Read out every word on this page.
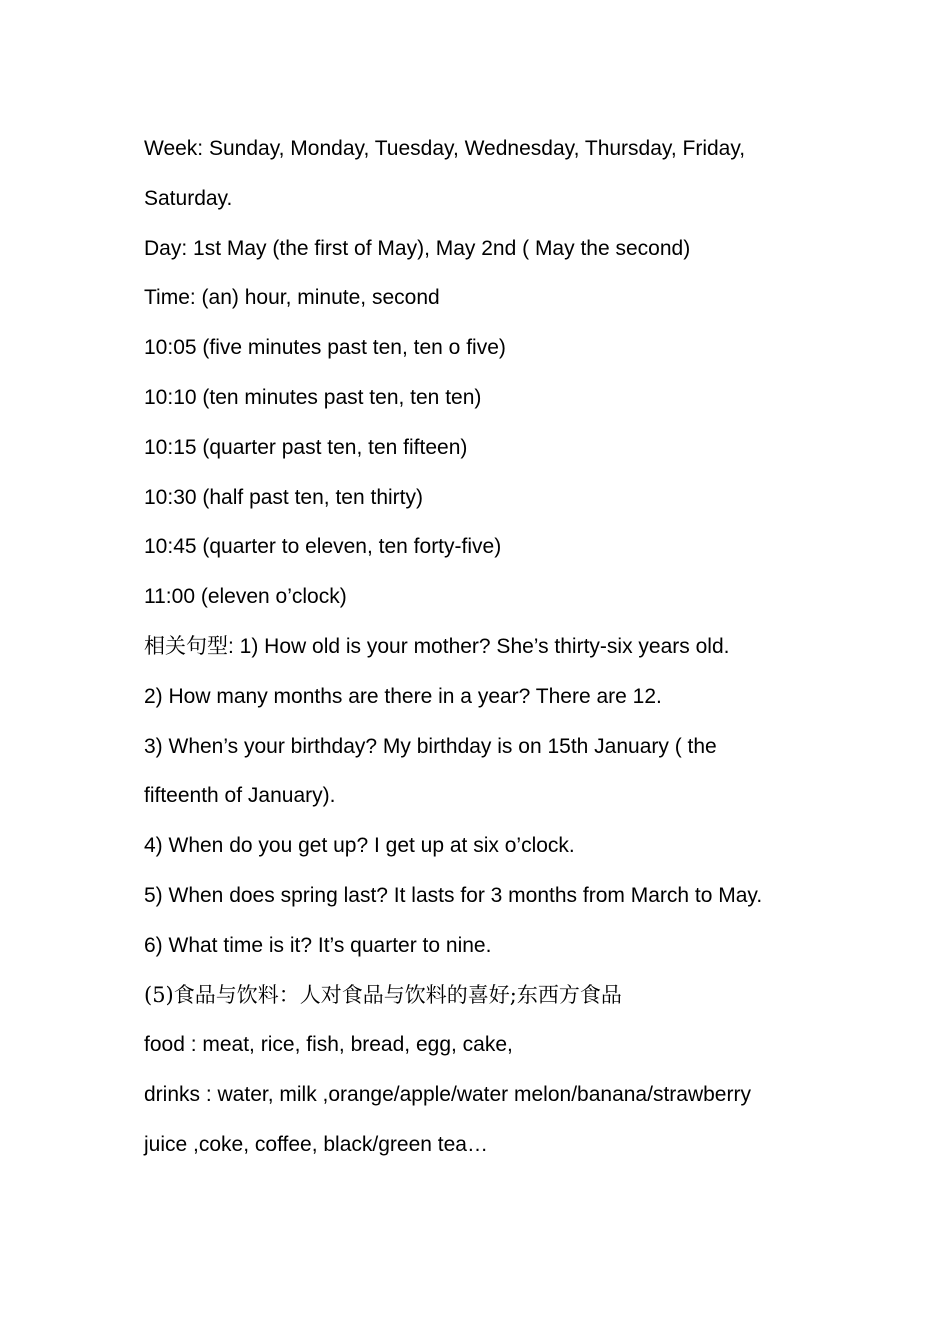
Week: Sunday, Monday, Tuesday, Wednesday, Thursday, Friday,
Saturday.
Day: 1st May (the first of May), May 2nd ( May the second)
Time: (an) hour, minute, second
10:05 (five minutes past ten, ten o five)
10:10 (ten minutes past ten, ten ten)
10:15 (quarter past ten, ten fifteen)
10:30 (half past ten, ten thirty)
10:45 (quarter to eleven, ten forty-five)
11:00 (eleven o’clock)
相关句型: 1) How old is your mother? She’s thirty-six years old.
2) How many months are there in a year? There are 12.
3) When’s your birthday? My birthday is on 15th January ( the
fifteenth of January).
4) When do you get up? I get up at six o’clock.
5) When does spring last? It lasts for 3 months from March to May.
6) What time is it? It’s quarter to nine.
(5)食品与饮料：人对食品与饮料的喜好;东西方食品
food : meat, rice, fish, bread, egg, cake,
drinks : water, milk ,orange/apple/water melon/banana/strawberry
juice ,coke, coffee, black/green tea…
